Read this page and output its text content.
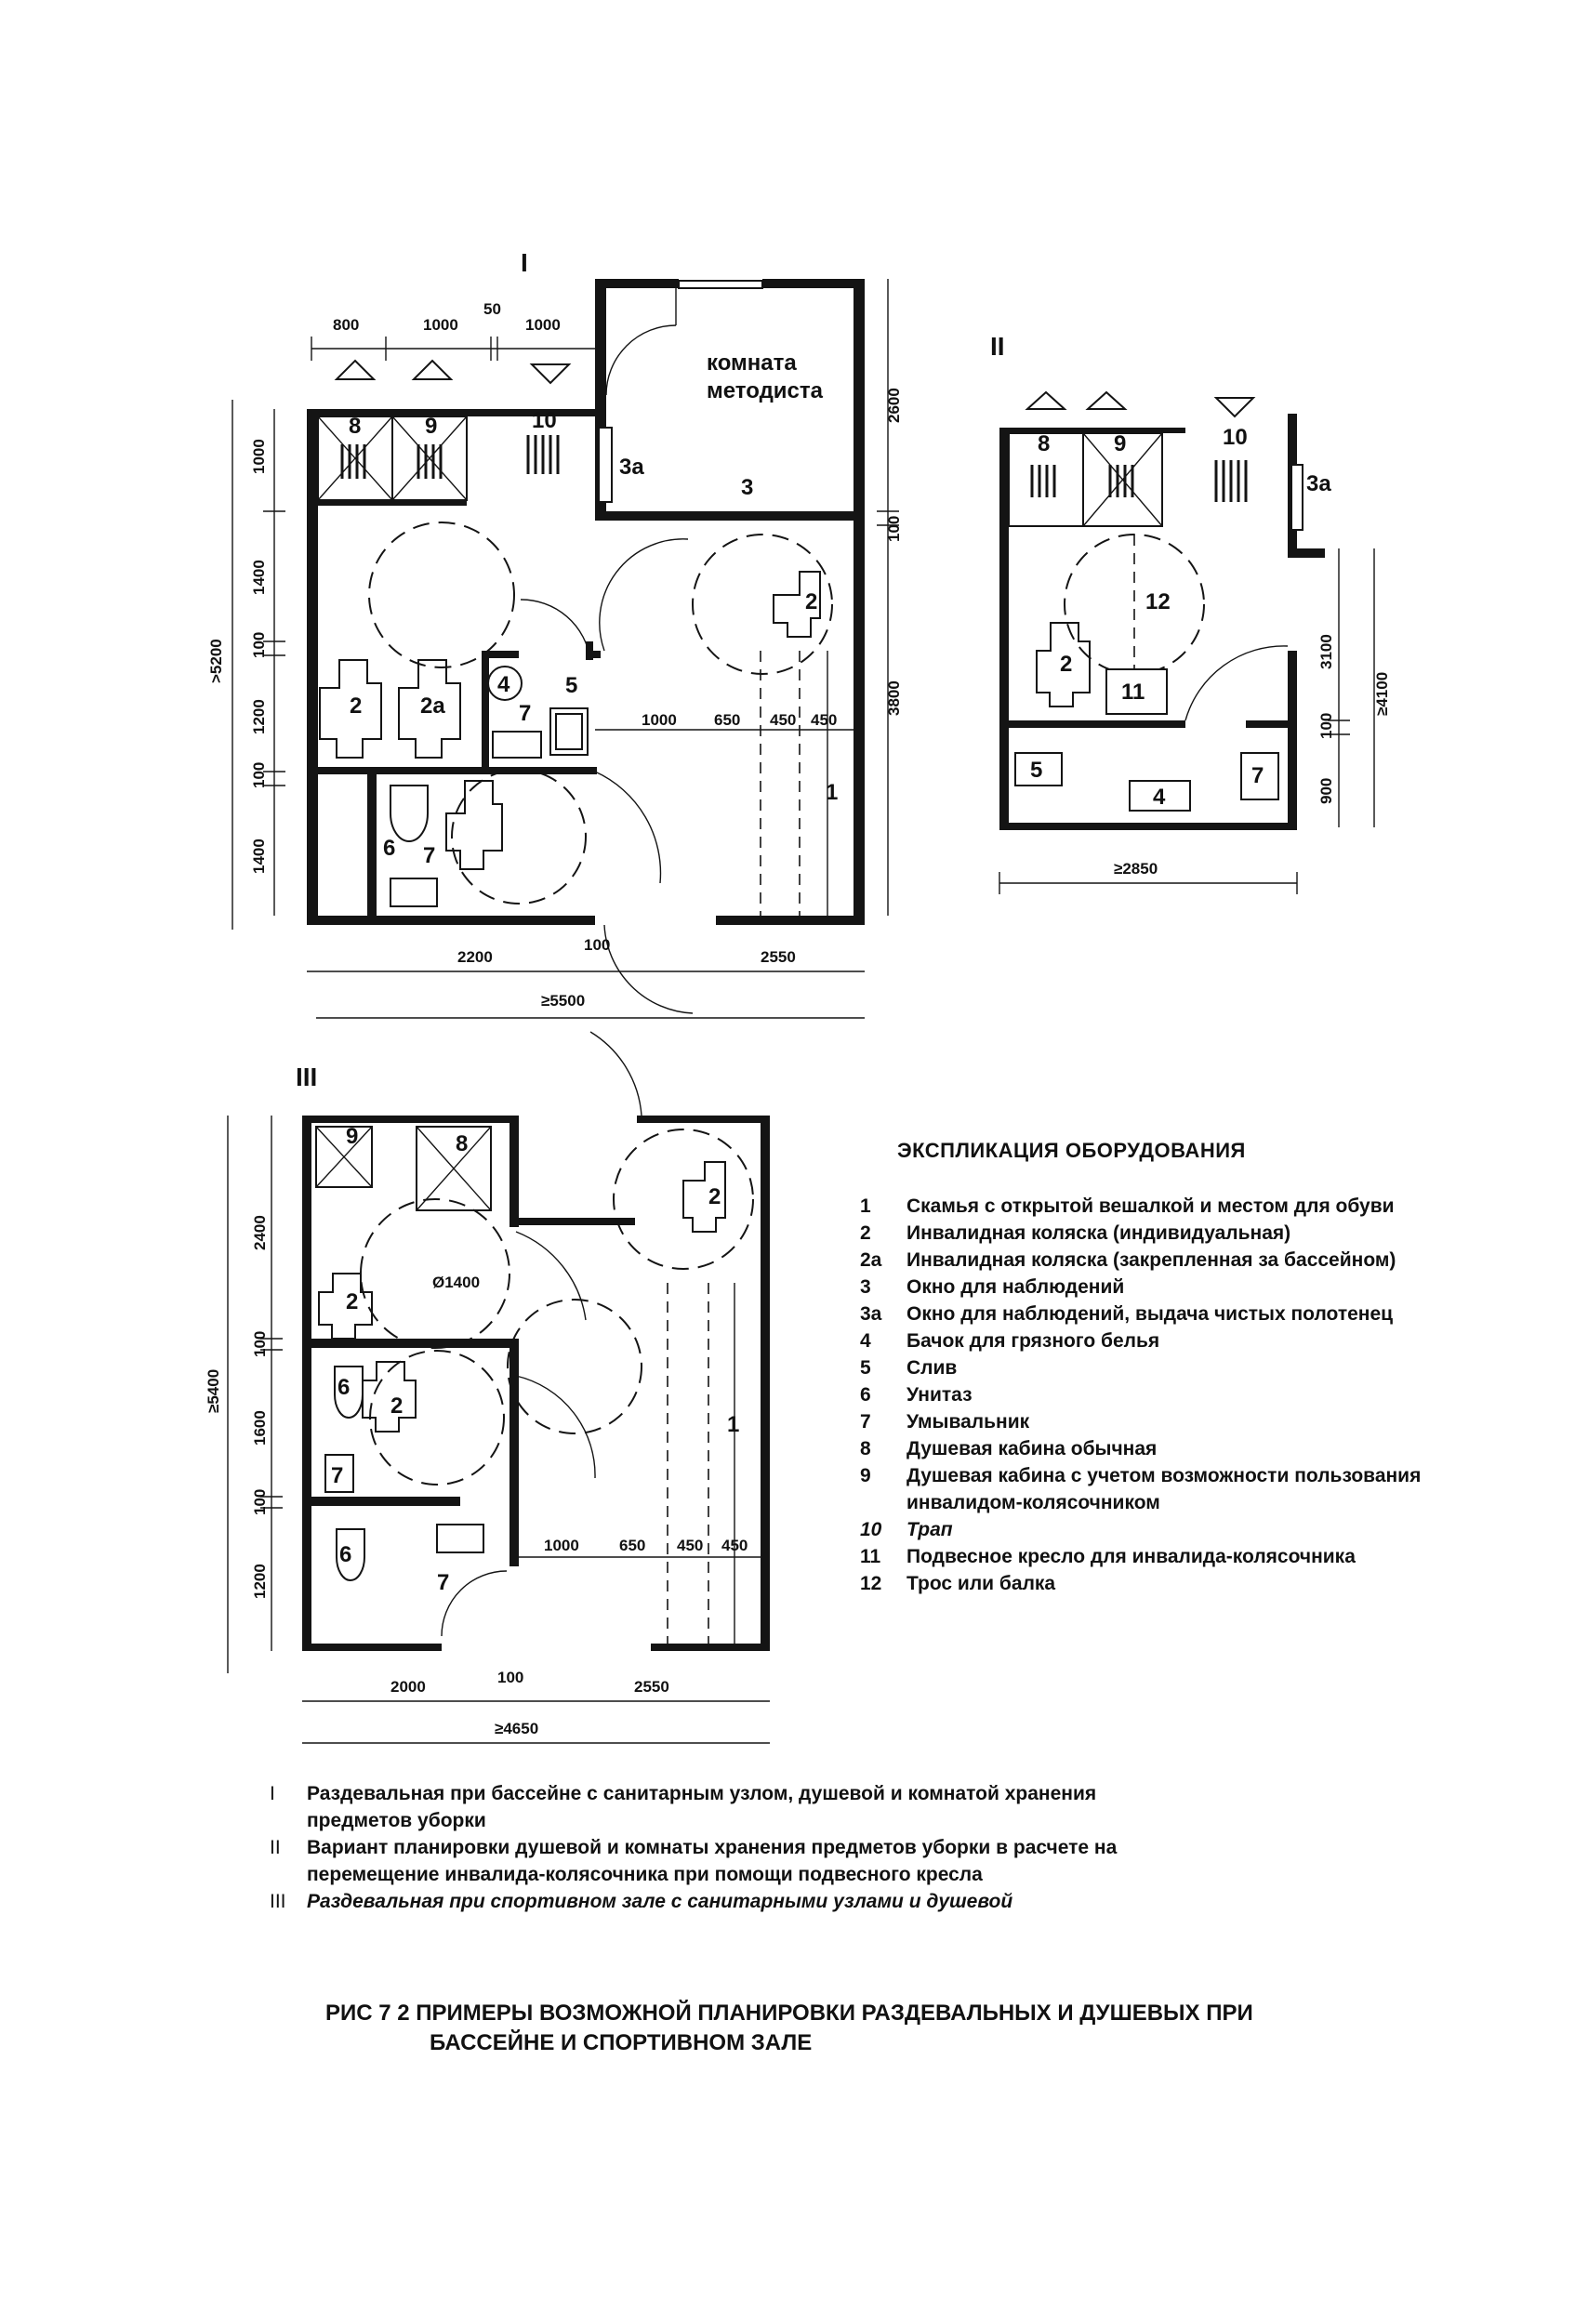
I
800	1000
50
1000
8	9	10
3а
комната
методиста
3
2
2	2а
4 5
7
6 7
1
1000 650 450 450
1000
1400
100
1200
100
1400
>5200
2600
100
3800
2200
100
2550
≥5500
II
8	9	10
3а
12
2
11
5
4
7
3100
100
900
≥4100
≥2850
III
9	8
Ø1400
2
2
6
2
7
6
7
1
1000	650 450 450
2400
100
1600
100
1200
≥5400
2000
100
2550
≥4650
ЭКСПЛИКАЦИЯ ОБОРУДОВАНИЯ
1	Скамья с открытой вешалкой и местом для обуви
2	Инвалидная коляска (индивидуальная)
2а	Инвалидная коляска (закрепленная за бассейном)
3	Окно для наблюдений
3а	Окно для наблюдений, выдача чистых полотенец
4	Бачок для грязного белья
5	Слив
6	Унитаз
7	Умывальник
8	Душевая кабина обычная
9	Душевая кабина с учетом возможности пользования инвалидом-колясочником
10	Трап
11	Подвесное кресло для инвалида-колясочника
12	Трос или балка
I	Раздевальная при бассейне с санитарным узлом, душевой и комнатой хранения предметов уборки
II	Вариант планировки душевой и комнаты хранения предметов уборки в расчете на перемещение инвалида-колясочника при помощи подвесного кресла
III	Раздевальная при спортивном зале с санитарными узлами и душевой
РИС 7 2 ПРИМЕРЫ ВОЗМОЖНОЙ ПЛАНИРОВКИ РАЗДЕВАЛЬНЫХ И ДУШЕВЫХ ПРИ
БАССЕЙНЕ И СПОРТИВНОМ ЗАЛЕ
